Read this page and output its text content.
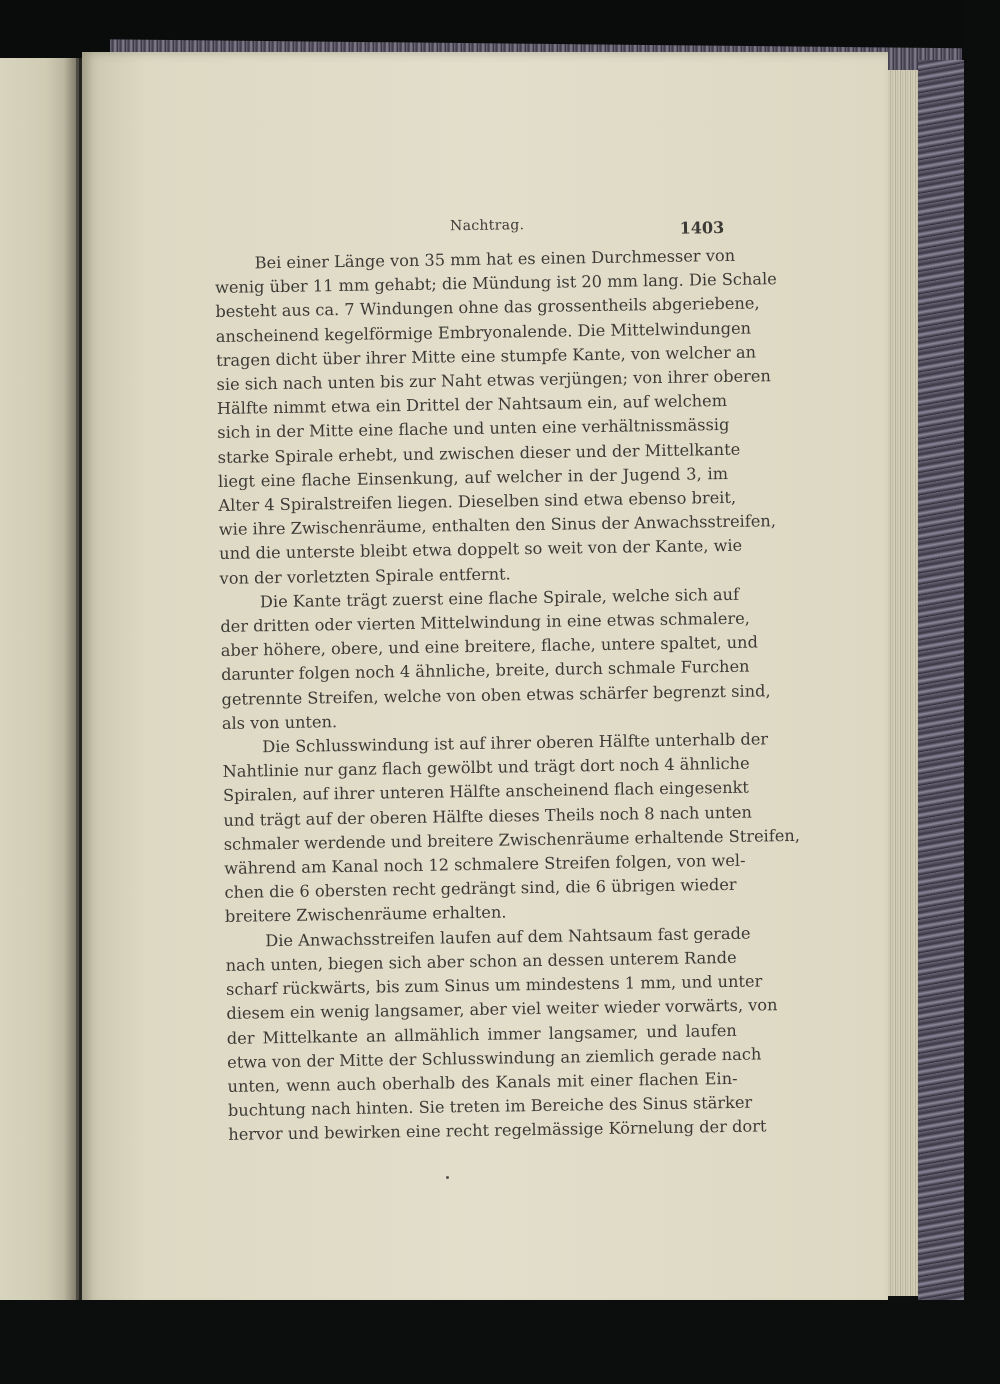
Nachtrag.	1403

Bei einer Länge von 35 mm hat es einen Durchmesser von
wenig über 11 mm gehabt; die Mündung ist 20 mm lang. Die Schale
besteht aus ca. 7 Windungen ohne das grossentheils abgeriebene,
anscheinend kegelförmige Embryonalende. Die Mittelwindungen
tragen dicht über ihrer Mitte eine stumpfe Kante, von welcher an
sie sich nach unten bis zur Naht etwas verjüngen; von ihrer oberen
Hälfte nimmt etwa ein Drittel der Nahtsaum ein, auf welchem
sich in der Mitte eine flache und unten eine verhältnissmässig
starke Spirale erhebt, und zwischen dieser und der Mittelkante
liegt eine flache Einsenkung, auf welcher in der Jugend 3, im
Alter 4 Spiralstreifen liegen. Dieselben sind etwa ebenso breit,
wie ihre Zwischenräume, enthalten den Sinus der Anwachsstreifen,
und die unterste bleibt etwa doppelt so weit von der Kante, wie
von der vorletzten Spirale entfernt.

Die Kante trägt zuerst eine flache Spirale, welche sich auf
der dritten oder vierten Mittelwindung in eine etwas schmalere,
aber höhere, obere, und eine breitere, flache, untere spaltet, und
darunter folgen noch 4 ähnliche, breite, durch schmale Furchen
getrennte Streifen, welche von oben etwas schärfer begrenzt sind,
als von unten.

Die Schlusswindung ist auf ihrer oberen Hälfte unterhalb der
Nahtlinie nur ganz flach gewölbt und trägt dort noch 4 ähnliche
Spiralen, auf ihrer unteren Hälfte anscheinend flach eingesenkt
und trägt auf der oberen Hälfte dieses Theils noch 8 nach unten
schmaler werdende und breitere Zwischenräume erhaltende Streifen,
während am Kanal noch 12 schmalere Streifen folgen, von wel-
chen die 6 obersten recht gedrängt sind, die 6 übrigen wieder
breitere Zwischenräume erhalten.

Die Anwachsstreifen laufen auf dem Nahtsaum fast gerade
nach unten, biegen sich aber schon an dessen unterem Rande
scharf rückwärts, bis zum Sinus um mindestens 1 mm, und unter
diesem ein wenig langsamer, aber viel weiter wieder vorwärts, von
der Mittelkante an allmählich immer langsamer, und laufen
etwa von der Mitte der Schlusswindung an ziemlich gerade nach
unten, wenn auch oberhalb des Kanals mit einer flachen Ein-
buchtung nach hinten. Sie treten im Bereiche des Sinus stärker
hervor und bewirken eine recht regelmässige Körnelung der dort
